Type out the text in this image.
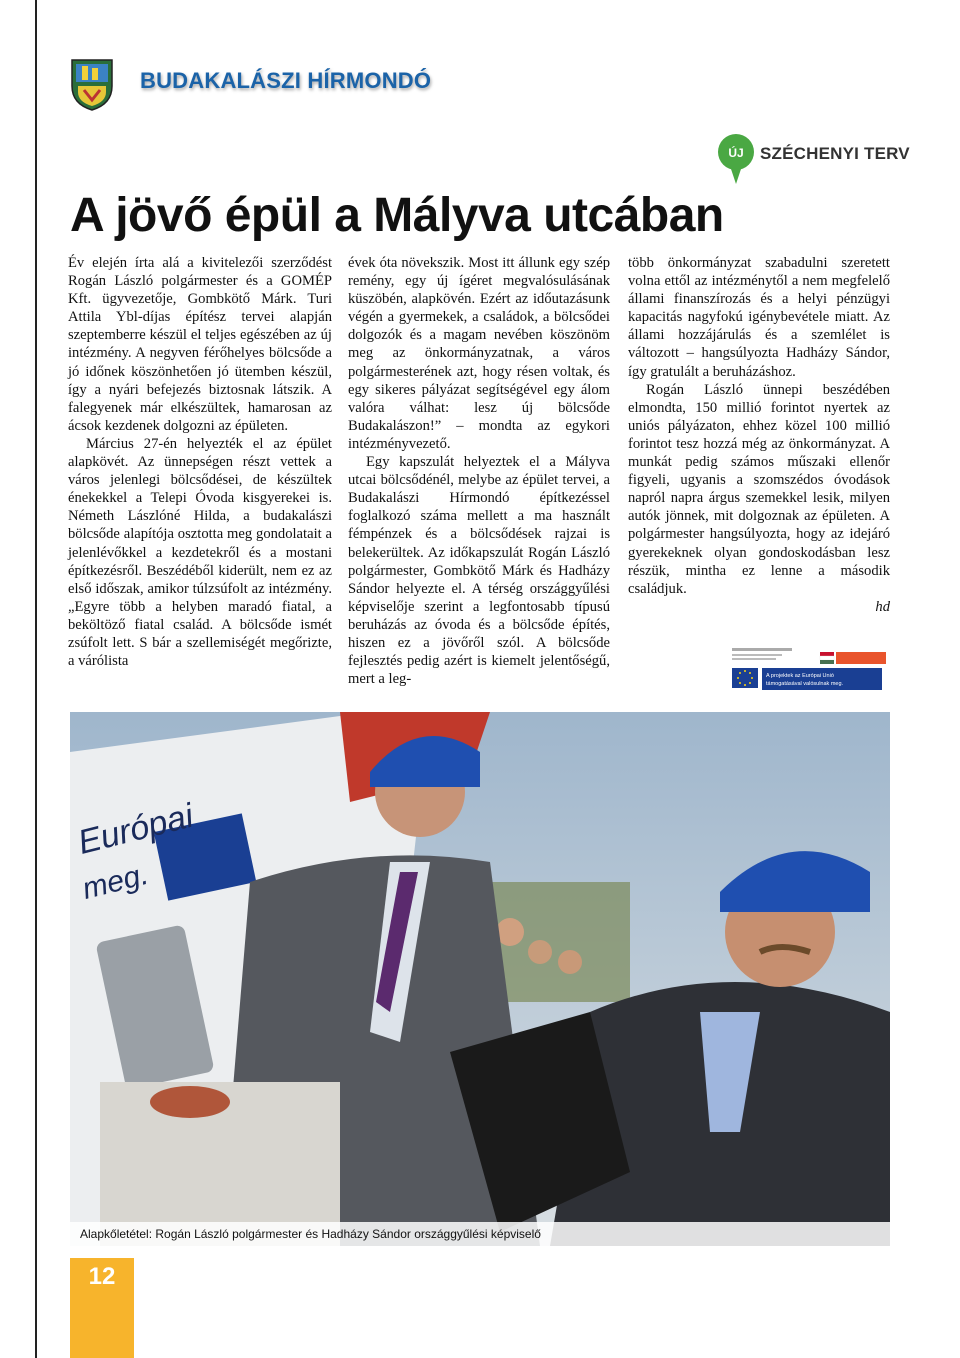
BUDAKALÁSZI HÍRMONDÓ
ÚJ SZÉCHENYI TERV
A jövő épül a Mályva utcában

Év elején írta alá a kivitelezői szerződést Rogán László polgármester és a GOMÉP Kft. ügyvezetője, Gombkötő Márk. Turi Attila Ybl-díjas építész tervei alapján szeptemberre készül el teljes egészében az új intézmény. A negyven férőhelyes bölcsőde a jó időnek köszönhetően jó ütemben készül, így a nyári befejezés biztosnak látszik. A falegyenek már elkészültek, hamarosan az ácsok kezdenek dolgozni az épületen.

Március 27-én helyezték el az épület alapkövét. Az ünnepségen részt vettek a város jelenlegi bölcsődései, de készültek énekekkel a Telepi Óvoda kisgyerekei is. Németh Lászlóné Hilda, a budakalászi bölcsőde alapítója osztotta meg gondolatait a jelenlévőkkel a kezdetekről és a mostani építkezésről. Beszédéből kiderült, nem ez az első időszak, amikor túlzsúfolt az intézmény. „Egyre több a helyben maradó fiatal, a beköltöző fiatal család. A bölcsőde ismét zsúfolt lett. S bár a szellemiségét megőrizte, a várólista

évek óta növekszik. Most itt állunk egy szép remény, egy új ígéret megvalósulásának küszöbén, alapkövén. Ezért az időutazásunk végén a gyermekek, a családok, a bölcsődei dolgozók és a magam nevében köszönöm meg az önkormányzatnak, a város polgármesterének azt, hogy résen voltak, és egy sikeres pályázat segítségével egy álom valóra válhat: lesz új bölcsőde Budakalászon!” – mondta az egykori intézményvezető.

Egy kapszulát helyeztek el a Mályva utcai bölcsődénél, melybe az épület tervei, a Budakalászi Hírmondó építkezéssel foglalkozó száma mellett a ma használt fémpénzek és a bölcsődések rajzai is belekerültek. Az időkapszulát Rogán László polgármester, Gombkötő Márk és Hadházy Sándor helyezte el. A térség országgyűlési képviselője szerint a legfontosabb típusú beruházás az óvoda és a bölcsőde építés, hiszen ez a jövőről szól. A bölcsőde fejlesztés pedig azért is kiemelt jelentőségű, mert a leg-

több önkormányzat szabadulni szeretett volna ettől az intézménytől a nem megfelelő állami finanszírozás és a helyi pénzügyi kapacitás nagyfokú igénybevétele miatt. Az állami hozzájárulás és a szemlélet is változott – hangsúlyozta Hadházy Sándor, így gratulált a beruházáshoz.

Rogán László ünnepi beszédében elmondta, 150 millió forintot nyertek az uniós pályázaton, ehhez közel 100 millió forintot tesz hozzá még az önkormányzat. A munkát pedig számos műszaki ellenőr figyeli, ugyanis a szomszédos óvodások napról napra árgus szemekkel lesik, milyen autók jönnek, mit dolgoznak az épületen. A polgármester hangsúlyozta, hogy az idejáró gyerekeknek olyan gondoskodásban lesz részük, mintha ez lenne a második családjuk.

hd

A projektek az Európai Unió
támogatásával valósulnak meg.
Európai
meg.
Alapkőletétel: Rogán László polgármester és Hadházy Sándor országgyűlési képviselő
12
